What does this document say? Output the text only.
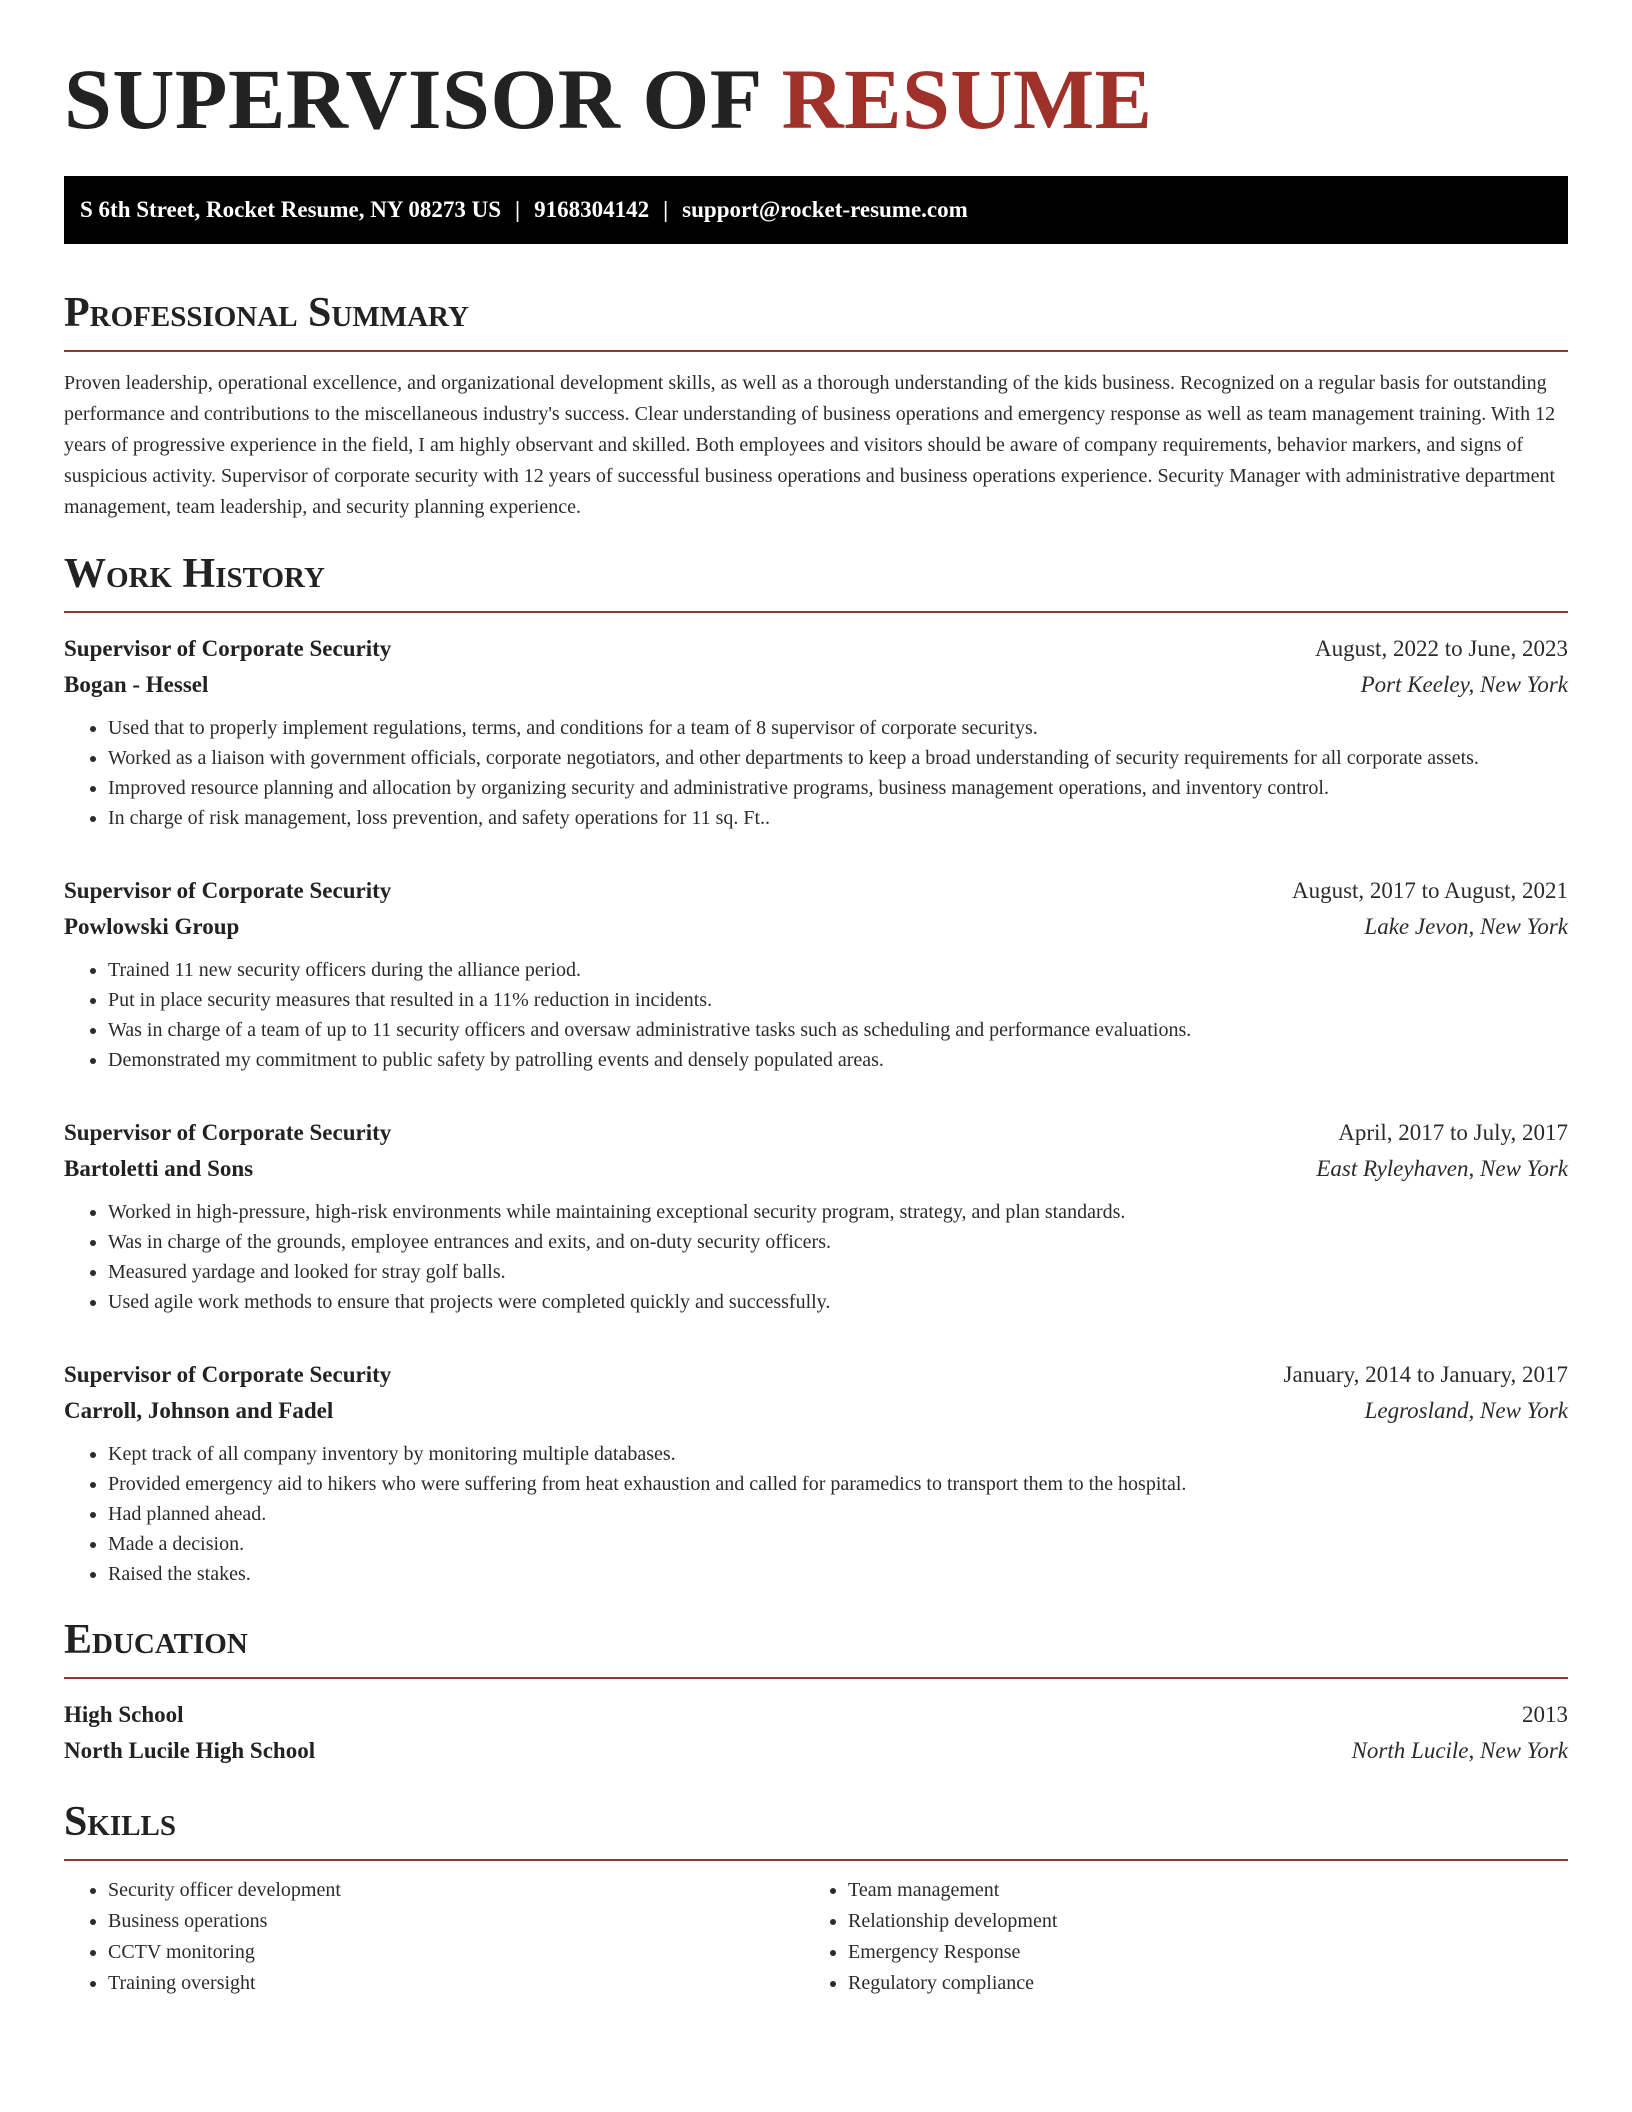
SUPERVISOR OF RESUME
S 6th Street, Rocket Resume, NY 08273 US | 9168304142 | support@rocket-resume.com
Professional Summary

Proven leadership, operational excellence, and organizational development skills, as well as a thorough understanding of the kids business. Recognized on a regular basis for outstanding performance and contributions to the miscellaneous industry's success. Clear understanding of business operations and emergency response as well as team management training. With 12 years of progressive experience in the field, I am highly observant and skilled. Both employees and visitors should be aware of company requirements, behavior markers, and signs of suspicious activity. Supervisor of corporate security with 12 years of successful business operations and business operations experience. Security Manager with administrative department management, team leadership, and security planning experience.

Work History
Supervisor of Corporate Security	August, 2022 to June, 2023
Bogan - Hessel	Port Keeley, New York
• Used that to properly implement regulations, terms, and conditions for a team of 8 supervisor of corporate securitys.
• Worked as a liaison with government officials, corporate negotiators, and other departments to keep a broad understanding of security requirements for all corporate assets.
• Improved resource planning and allocation by organizing security and administrative programs, business management operations, and inventory control.
• In charge of risk management, loss prevention, and safety operations for 11 sq. Ft..
Supervisor of Corporate Security	August, 2017 to August, 2021
Powlowski Group	Lake Jevon, New York
• Trained 11 new security officers during the alliance period.
• Put in place security measures that resulted in a 11% reduction in incidents.
• Was in charge of a team of up to 11 security officers and oversaw administrative tasks such as scheduling and performance evaluations.
• Demonstrated my commitment to public safety by patrolling events and densely populated areas.
Supervisor of Corporate Security	April, 2017 to July, 2017
Bartoletti and Sons	East Ryleyhaven, New York
• Worked in high-pressure, high-risk environments while maintaining exceptional security program, strategy, and plan standards.
• Was in charge of the grounds, employee entrances and exits, and on-duty security officers.
• Measured yardage and looked for stray golf balls.
• Used agile work methods to ensure that projects were completed quickly and successfully.
Supervisor of Corporate Security	January, 2014 to January, 2017
Carroll, Johnson and Fadel	Legrosland, New York
• Kept track of all company inventory by monitoring multiple databases.
• Provided emergency aid to hikers who were suffering from heat exhaustion and called for paramedics to transport them to the hospital.
• Had planned ahead.
• Made a decision.
• Raised the stakes.
Education
High School	2013
North Lucile High School	North Lucile, New York
Skills
• Security officer development
• Business operations
• CCTV monitoring
• Training oversight
• Team management
• Relationship development
• Emergency Response
• Regulatory compliance
